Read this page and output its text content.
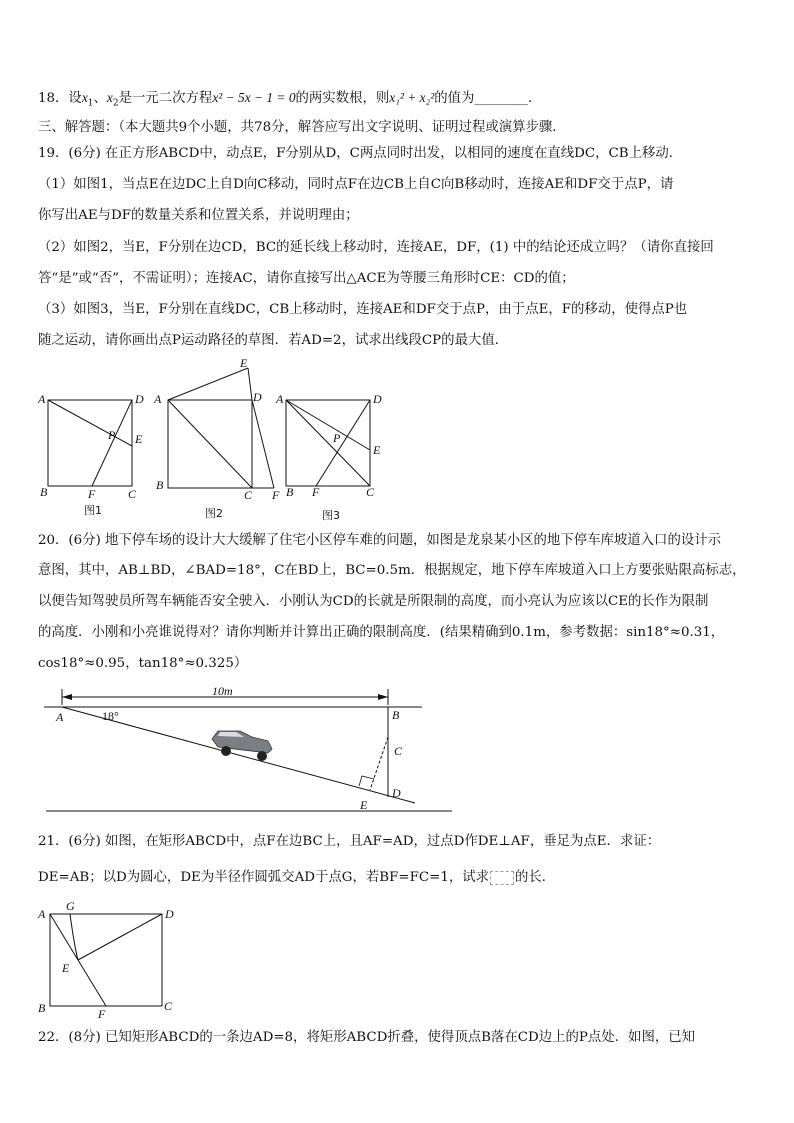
18．设$x_1$、$x_2$是一元二次方程x² − 5x − 1 = 0的两实数根，则x₁² + x₂²的值为________．
三、解答题：（本大题共9个小题，共78分，解答应写出文字说明、证明过程或演算步骤．
19．(6分) 在正方形ABCD中，动点E，F分别从D，C两点同时出发，以相同的速度在直线DC，CB上移动．
（1）如图1，当点E在边DC上自D向C移动，同时点F在边CB上自C向B移动时，连接AE和DF交于点P，请
你写出AE与DF的数量关系和位置关系，并说明理由；
（2）如图2，当E，F分别在边CD，BC的延长线上移动时，连接AE，DF，(1) 中的结论还成立吗？（请你直接回
答“是”或“否”，不需证明）；连接AC，请你直接写出△ACE为等腰三角形时CE：CD的值；
（3）如图3，当E，F分别在直线DC，CB上移动时，连接AE和DF交于点P，由于点E，F的移动，使得点P也
随之运动，请你画出点P运动路径的草图．若AD=2，试求出线段CP的最大值．
A	D
E
P
B	F	C
图1
E
A	D
B
C F
图2
A	D
E
P
B F	C
图3
20．(6分) 地下停车场的设计大大缓解了住宅小区停车难的问题，如图是龙泉某小区的地下停车库坡道入口的设计示
意图，其中，AB⊥BD，∠BAD=18°，C在BD上，BC=0.5m．根据规定，地下停车库坡道入口上方要张贴限高标志，
以便告知驾驶员所驾车辆能否安全驶入．小刚认为CD的长就是所限制的高度，而小亮认为应该以CE的长作为限制
的高度．小刚和小亮谁说得对？请你判断并计算出正确的限制高度．(结果精确到0.1m，参考数据：sin18°≈0.31，
cos18°≈0.95，tan18°≈0.325）
10m
18°
A	B
C
D
E
21．(6分) 如图，在矩形ABCD中，点F在边BC上，且AF=AD，过点D作DE⊥AF，垂足为点E．求证：
DE=AB；以D为圆心，DE为半径作圆弧交AD于点G，若BF=FC=1，试求 的长．
A
G
D
E
B	F
C
22．(8分) 已知矩形ABCD的一条边AD=8，将矩形ABCD折叠，使得顶点B落在CD边上的P点处．如图，已知
